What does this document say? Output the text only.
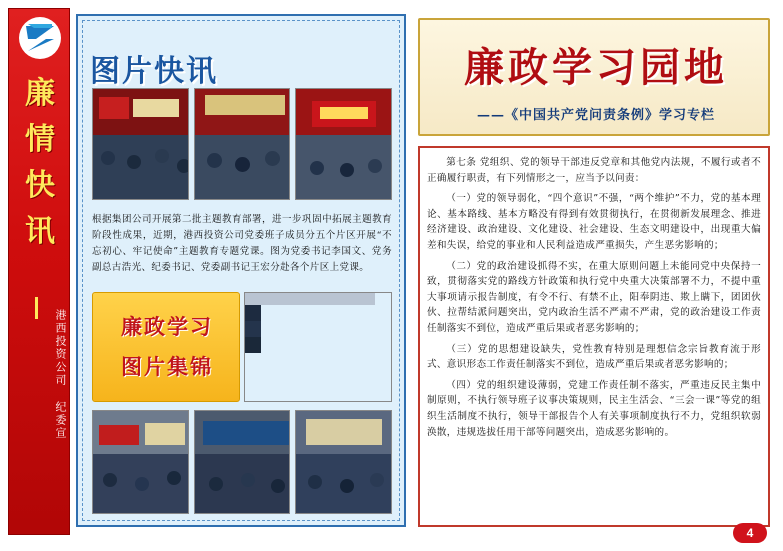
廉
情
快
讯
港西投资公司 纪委宣
图片快讯
根据集团公司开展第二批主题教育部署，进一步巩固中拓展主题教育阶段性成果，近期，港西投资公司党委班子成员分五个片区开展“不忘初心、牢记使命”主题教育专题党课。图为党委书记李国文、党务副总古浩光、纪委书记、党委副书记王宏分赴各个片区上党课。
廉政学习
图片集锦
廉政学习园地
——《中国共产党问责条例》学习专栏

第七条 党组织、党的领导干部违反党章和其他党内法规，不履行或者不正确履行职责，有下列情形之一，应当予以问责：

（一）党的领导弱化，“四个意识”不强，“两个维护”不力，党的基本理论、基本路线、基本方略没有得到有效贯彻执行，在贯彻新发展理念、推进经济建设、政治建设、文化建设、社会建设、生态文明建设中，出现重大偏差和失误，给党的事业和人民利益造成严重损失，产生恶劣影响的；

（二）党的政治建设抓得不实，在重大原则问题上未能同党中央保持一致，贯彻落实党的路线方针政策和执行党中央重大决策部署不力，不提中重大事项请示报告制度，有令不行、有禁不止，阳奉阴违、欺上瞒下，团团伙伙、拉帮结派问题突出，党内政治生活不严肃不严肃，党的政治建设工作责任制落实不到位，造成严重后果或者恶劣影响的；

（三）党的思想建设缺失，党性教育特别是理想信念宗旨教育流于形式、意识形态工作责任制落实不到位，造成严重后果或者恶劣影响的；

（四）党的组织建设薄弱，党建工作责任制不落实，严重违反民主集中制原则，不执行领导班子议事决策规则，民主生活会、“三会一课”等党的组织生活制度不执行，领导干部报告个人有关事项制度执行不力，党组织软弱涣散，违规选拔任用干部等问题突出，造成恶劣影响的。

4
